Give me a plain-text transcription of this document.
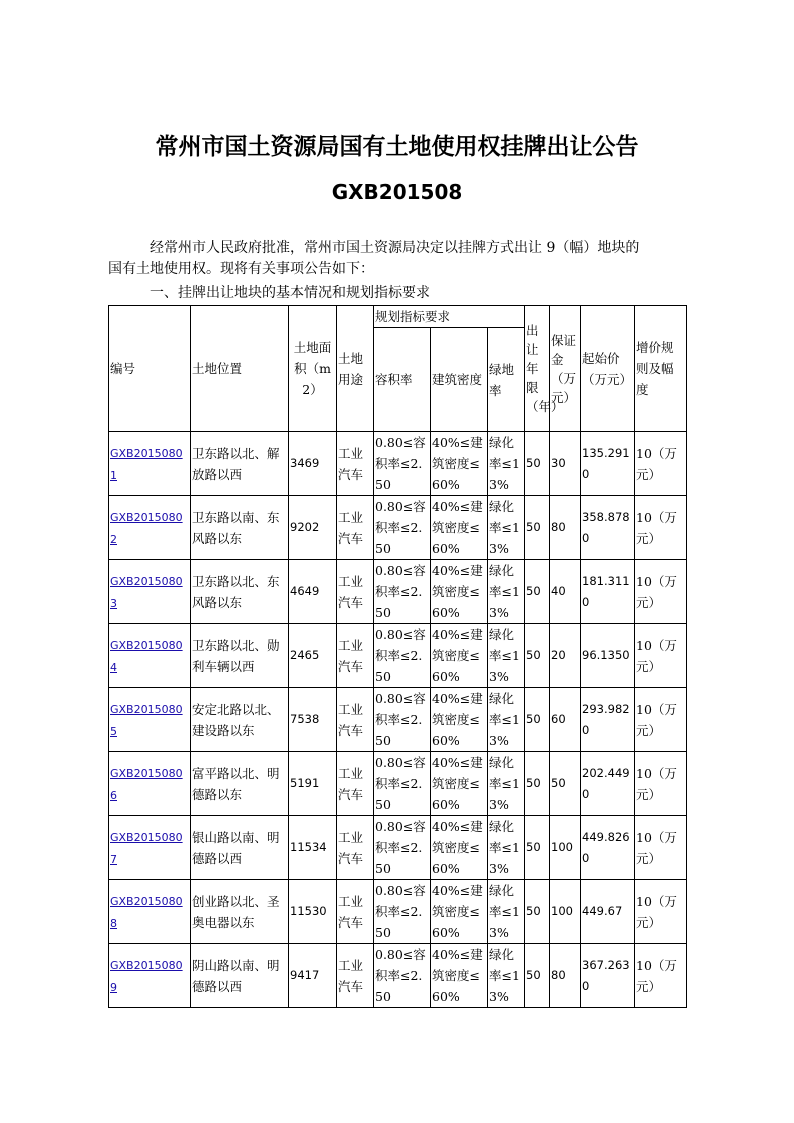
常州市国土资源局国有土地使用权挂牌出让公告
GXB201508

经常州市人民政府批准，常州市国土资源局决定以挂牌方式出让 9（幅）地块的国有土地使用权。现将有关事项公告如下：

一、挂牌出让地块的基本情况和规划指标要求

编号	土地位置	土地面积（m2）	土地用途	规划指标要求			出让年限（年）	保证金（万元）	起始价（万元）	增价规则及幅度
				容积率	建筑密度	绿地率				
GXB20150801	卫东路以北、解放路以西	3469	工业汽车	0.80≤容积率≤2.50	40%≤建筑密度≤60%	绿化率≤13%	50	30	135.2910	10（万元）
GXB20150802	卫东路以南、东风路以东	9202	工业汽车	0.80≤容积率≤2.50	40%≤建筑密度≤60%	绿化率≤13%	50	80	358.8780	10（万元）
GXB20150803	卫东路以北、东风路以东	4649	工业汽车	0.80≤容积率≤2.50	40%≤建筑密度≤60%	绿化率≤13%	50	40	181.3110	10（万元）
GXB20150804	卫东路以北、勋利车辆以西	2465	工业汽车	0.80≤容积率≤2.50	40%≤建筑密度≤60%	绿化率≤13%	50	20	96.1350	10（万元）
GXB20150805	安定北路以北、建设路以东	7538	工业汽车	0.80≤容积率≤2.50	40%≤建筑密度≤60%	绿化率≤13%	50	60	293.9820	10（万元）
GXB20150806	富平路以北、明德路以东	5191	工业汽车	0.80≤容积率≤2.50	40%≤建筑密度≤60%	绿化率≤13%	50	50	202.4490	10（万元）
GXB20150807	银山路以南、明德路以西	11534	工业汽车	0.80≤容积率≤2.50	40%≤建筑密度≤60%	绿化率≤13%	50	100	449.8260	10（万元）
GXB20150808	创业路以北、圣奥电器以东	11530	工业汽车	0.80≤容积率≤2.50	40%≤建筑密度≤60%	绿化率≤13%	50	100	449.67	10（万元）
GXB20150809	阴山路以南、明德路以西	9417	工业汽车	0.80≤容积率≤2.50	40%≤建筑密度≤60%	绿化率≤13%	50	80	367.2630	10（万元）
